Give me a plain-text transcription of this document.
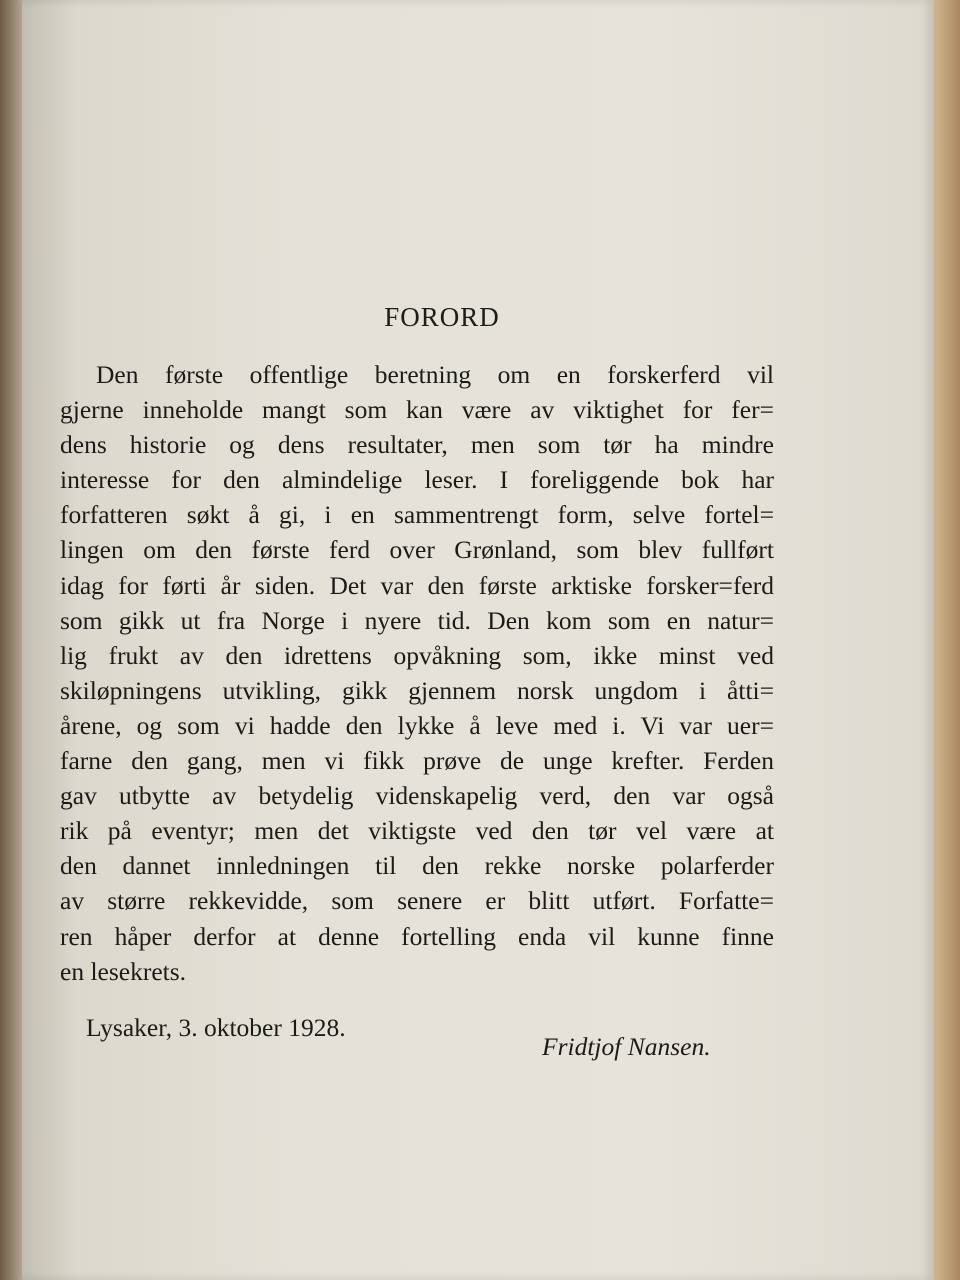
FORORD
Den første offentlige beretning om en forskerferd vil
gjerne inneholde mangt som kan være av viktighet for fer=
dens historie og dens resultater, men som tør ha mindre
interesse for den almindelige leser. I foreliggende bok har
forfatteren søkt å gi, i en sammentrengt form, selve fortel=
lingen om den første ferd over Grønland, som blev fullført
idag for førti år siden. Det var den første arktiske forsker=ferd
som gikk ut fra Norge i nyere tid. Den kom som en natur=
lig frukt av den idrettens opvåkning som, ikke minst ved
skiløpningens utvikling, gikk gjennem norsk ungdom i åtti=
årene, og som vi hadde den lykke å leve med i. Vi var uer=
farne den gang, men vi fikk prøve de unge krefter. Ferden
gav utbytte av betydelig videnskapelig verd, den var også
rik på eventyr; men det viktigste ved den tør vel være at
den dannet innledningen til den rekke norske polarferder
av større rekkevidde, som senere er blitt utført. Forfatte=
ren håper derfor at denne fortelling enda vil kunne finne
en lesekrets.
Lysaker, 3. oktober 1928.
Fridtjof Nansen.
